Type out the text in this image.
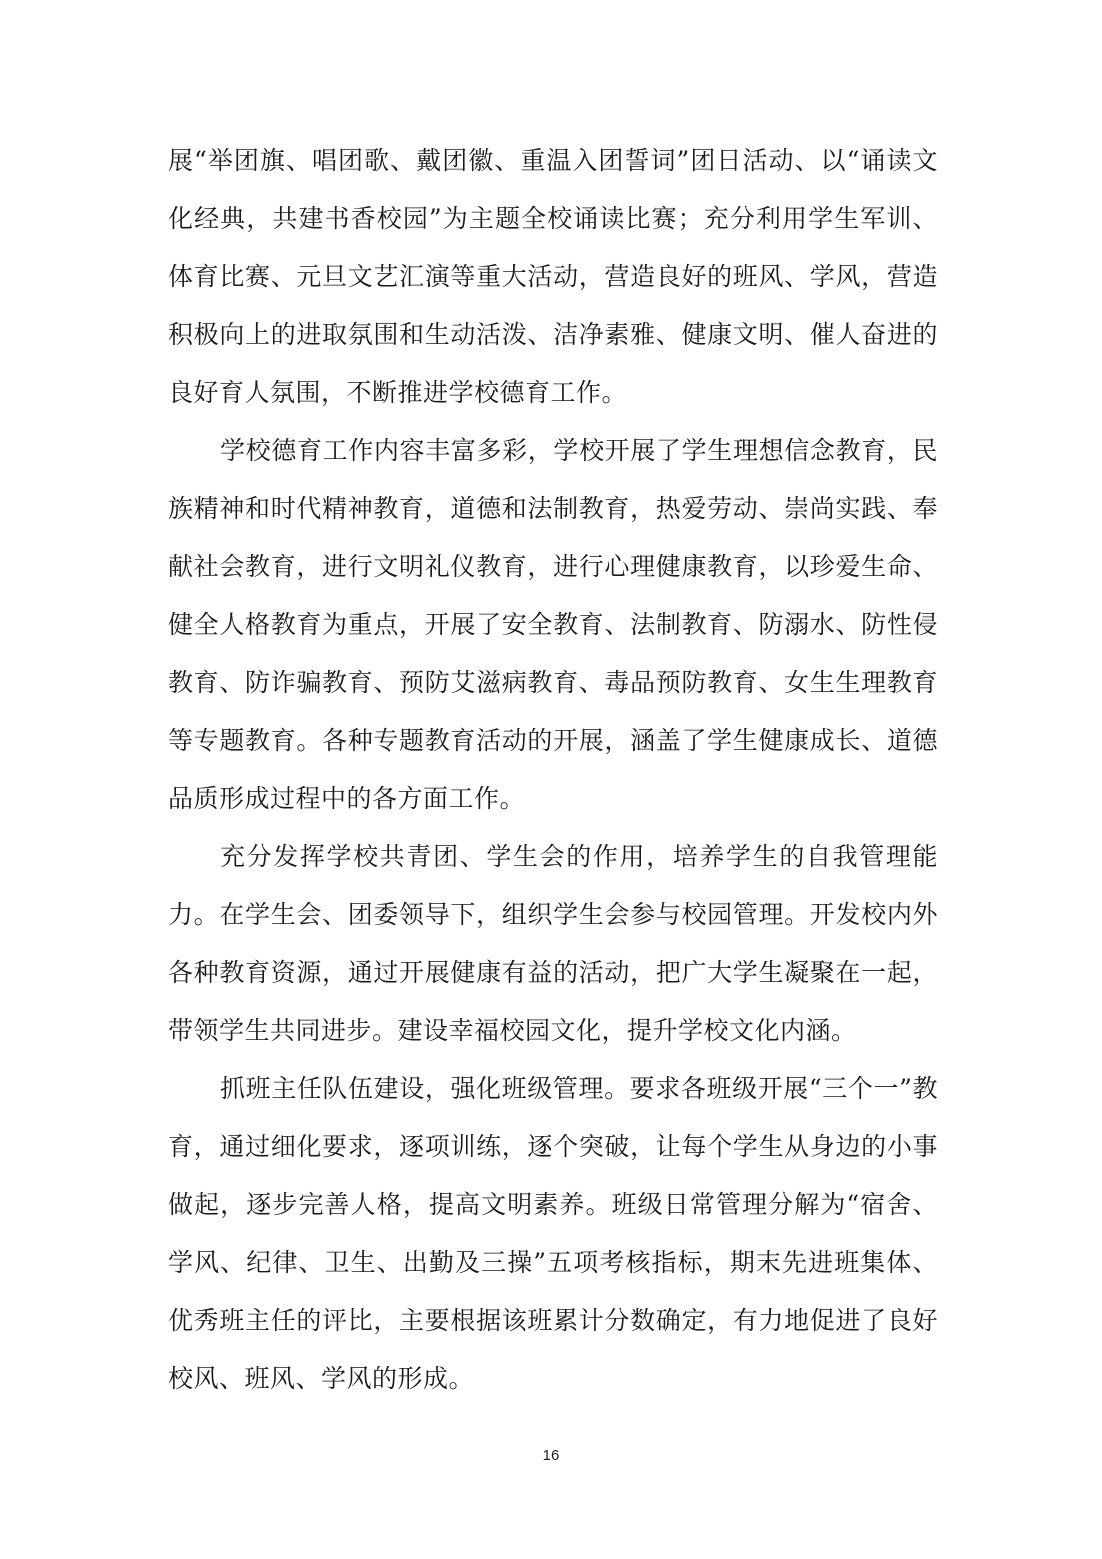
展“举团旗、唱团歌、戴团徽、重温入团誓词”团日活动、以“诵读文化经典，共建书香校园”为主题全校诵读比赛；充分利用学生军训、体育比赛、元旦文艺汇演等重大活动，营造良好的班风、学风，营造积极向上的进取氛围和生动活泼、洁净素雅、健康文明、催人奋进的良好育人氛围，不断推进学校德育工作。

学校德育工作内容丰富多彩，学校开展了学生理想信念教育，民族精神和时代精神教育，道德和法制教育，热爱劳动、崇尚实践、奉献社会教育，进行文明礼仪教育，进行心理健康教育，以珍爱生命、健全人格教育为重点，开展了安全教育、法制教育、防溺水、防性侵教育、防诈骗教育、预防艾滋病教育、毒品预防教育、女生生理教育等专题教育。各种专题教育活动的开展，涵盖了学生健康成长、道德品质形成过程中的各方面工作。

充分发挥学校共青团、学生会的作用，培养学生的自我管理能力。在学生会、团委领导下，组织学生会参与校园管理。开发校内外各种教育资源，通过开展健康有益的活动，把广大学生凝聚在一起，带领学生共同进步。建设幸福校园文化，提升学校文化内涵。

抓班主任队伍建设，强化班级管理。要求各班级开展“三个一”教育，通过细化要求，逐项训练，逐个突破，让每个学生从身边的小事做起，逐步完善人格，提高文明素养。班级日常管理分解为“宿舍、学风、纪律、卫生、出勤及三操”五项考核指标，期末先进班集体、优秀班主任的评比，主要根据该班累计分数确定，有力地促进了良好校风、班风、学风的形成。

16
